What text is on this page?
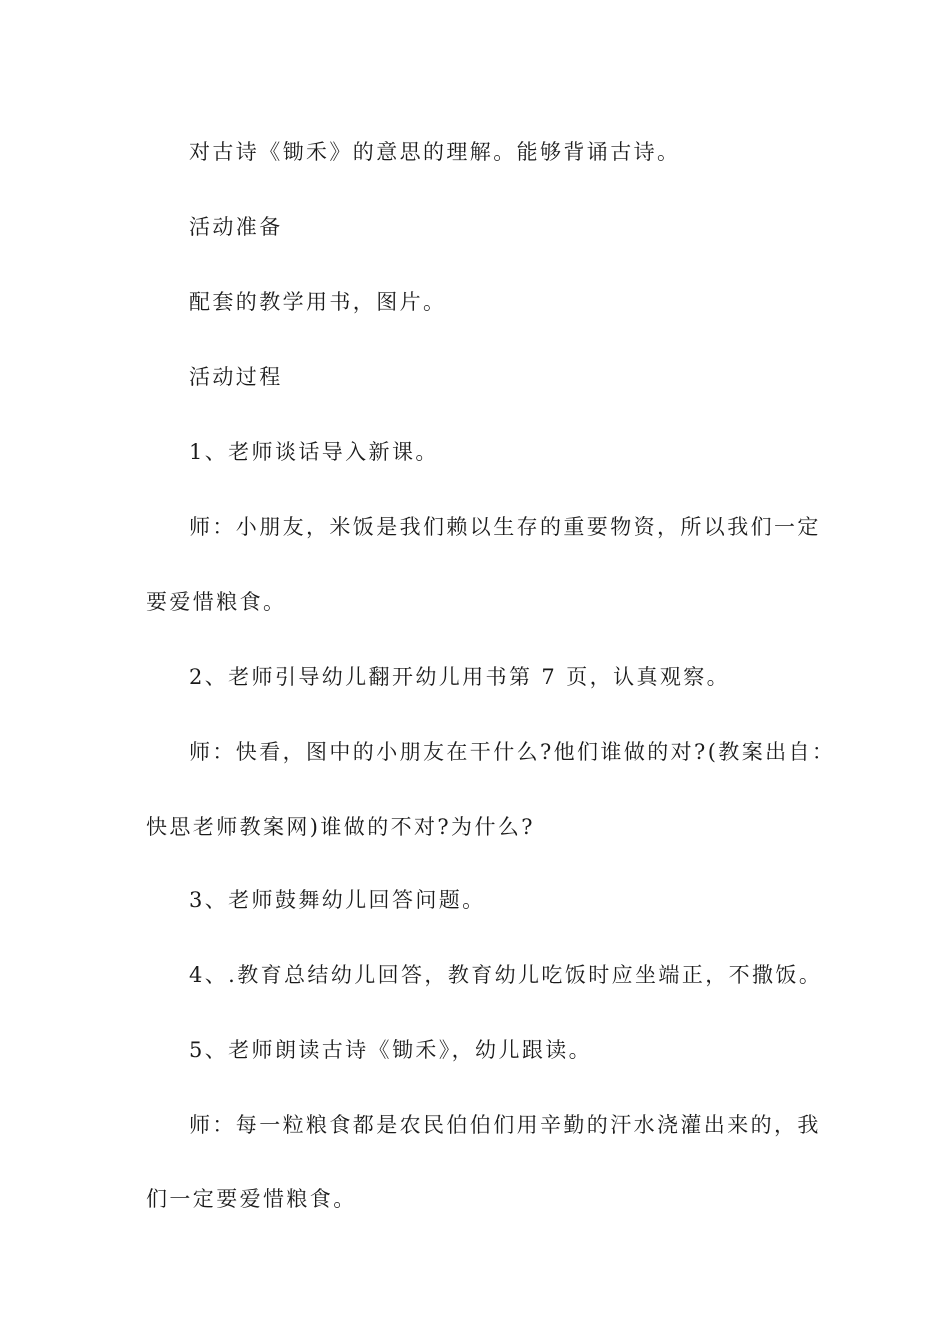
对古诗《锄禾》的意思的理解。能够背诵古诗。
活动准备
配套的教学用书，图片。
活动过程
1、老师谈话导入新课。
师：小朋友，米饭是我们赖以生存的重要物资，所以我们一定
要爱惜粮食。
2、老师引导幼儿翻开幼儿用书第 7 页，认真观察。
师：快看，图中的小朋友在干什么?他们谁做的对?(教案出自：
快思老师教案网)谁做的不对?为什么?
3、老师鼓舞幼儿回答问题。
4、.教育总结幼儿回答，教育幼儿吃饭时应坐端正，不撒饭。
5、老师朗读古诗《锄禾》，幼儿跟读。
师：每一粒粮食都是农民伯伯们用辛勤的汗水浇灌出来的，我
们一定要爱惜粮食。
